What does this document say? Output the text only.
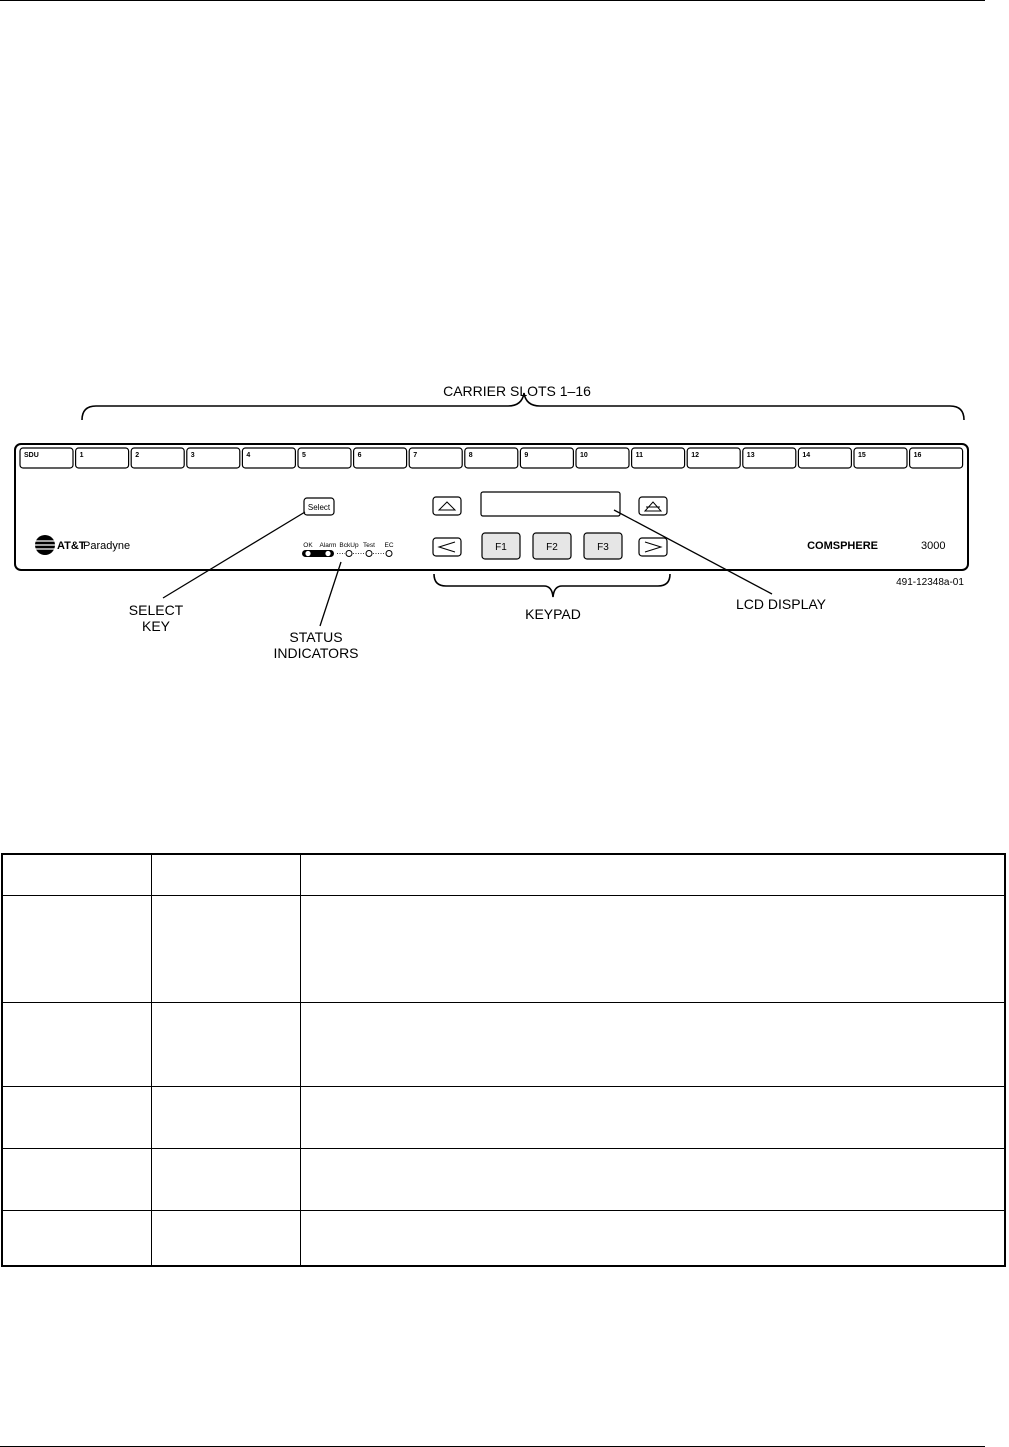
CARRIER SLOTS 1–16
SDU	1	2	3	4	5	6	7	8	9	10	11	12	13	14	15	16
AT&T
Paradyne
Select
OK Alarm BckUp Test EC	F1	F2	F3	COMSPHERE	3000
491-12348a-01
SELECT
KEY
KEYPAD
LCD DISPLAY
STATUS
INDICATORS
